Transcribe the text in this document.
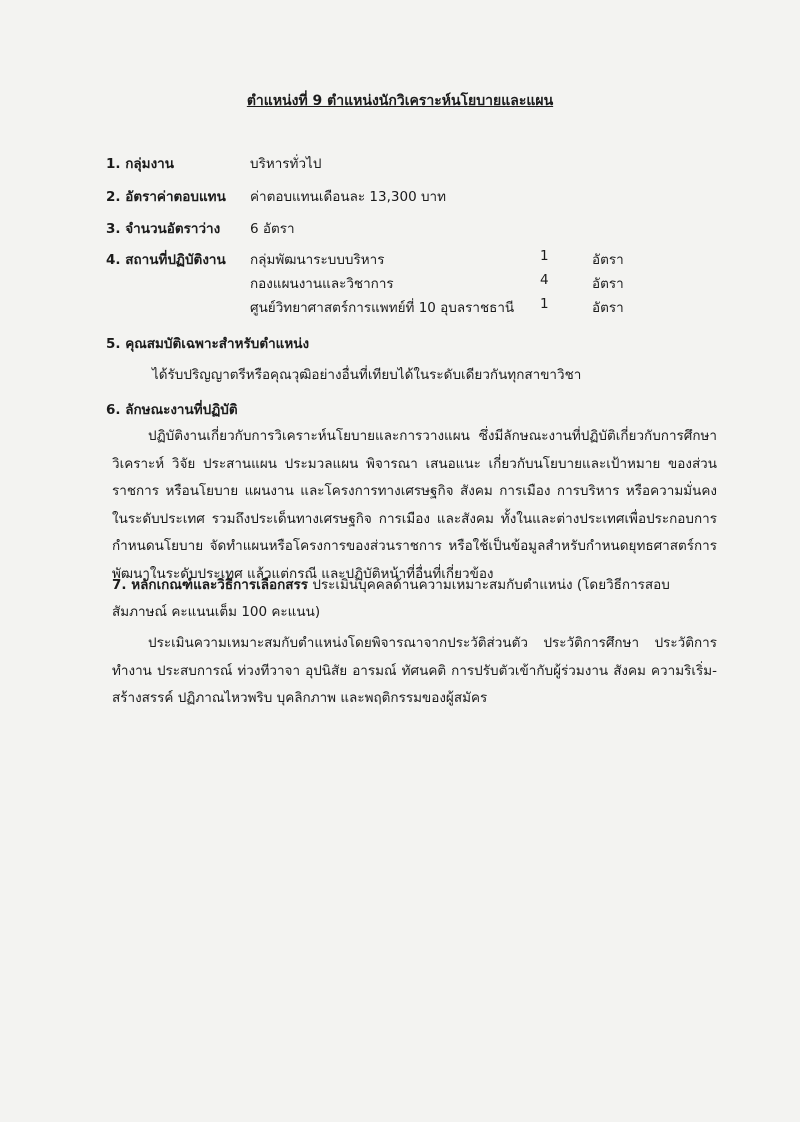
ตำแหน่งที่ 9 ตำแหน่งนักวิเคราะห์นโยบายและแผน
1. กลุ่มงาน	บริหารทั่วไป
2. อัตราค่าตอบแทน ค่าตอบแทนเดือนละ 13,300 บาท
3. จำนวนอัตราว่าง 6 อัตรา
4. สถานที่ปฏิบัติงาน กลุ่มพัฒนาระบบบริหาร	1	อัตรา
กองแผนงานและวิชาการ	4	อัตรา
ศูนย์วิทยาศาสตร์การแพทย์ที่ 10 อุบลราชธานี 1	อัตรา
5. คุณสมบัติเฉพาะสำหรับตำแหน่ง
ได้รับปริญญาตรีหรือคุณวุฒิอย่างอื่นที่เทียบได้ในระดับเดียวกันทุกสาขาวิชา
6. ลักษณะงานที่ปฏิบัติ

ปฏิบัติงานเกี่ยวกับการวิเคราะห์นโยบายและการวางแผน ซึ่งมีลักษณะงานที่ปฏิบัติเกี่ยวกับการศึกษา วิเคราะห์ วิจัย ประสานแผน ประมวลแผน พิจารณา เสนอแนะ เกี่ยวกับนโยบายและเป้าหมาย ของส่วนราชการ หรือนโยบาย แผนงาน และโครงการทางเศรษฐกิจ สังคม การเมือง การบริหาร หรือความมั่นคงในระดับประเทศ รวมถึงประเด็นทางเศรษฐกิจ การเมือง และสังคม ทั้งในและต่างประเทศเพื่อประกอบการกำหนดนโยบาย จัดทำแผนหรือโครงการของส่วนราชการ หรือใช้เป็นข้อมูลสำหรับกำหนดยุทธศาสตร์การพัฒนาในระดับประเทศ แล้วแต่กรณี และปฏิบัติหน้าที่อื่นที่เกี่ยวข้อง

7. หลักเกณฑ์และวิธีการเลือกสรร ประเมินบุคคลด้านความเหมาะสมกับตำแหน่ง (โดยวิธีการสอบสัมภาษณ์ คะแนนเต็ม 100 คะแนน)

ประเมินความเหมาะสมกับตำแหน่งโดยพิจารณาจากประวัติส่วนตัว ประวัติการศึกษา ประวัติการทำงาน ประสบการณ์ ท่วงทีวาจา อุปนิสัย อารมณ์ ทัศนคติ การปรับตัวเข้ากับผู้ร่วมงาน สังคม ความริเริ่ม-สร้างสรรค์ ปฏิภาณไหวพริบ บุคลิกภาพ และพฤติกรรมของผู้สมัคร
